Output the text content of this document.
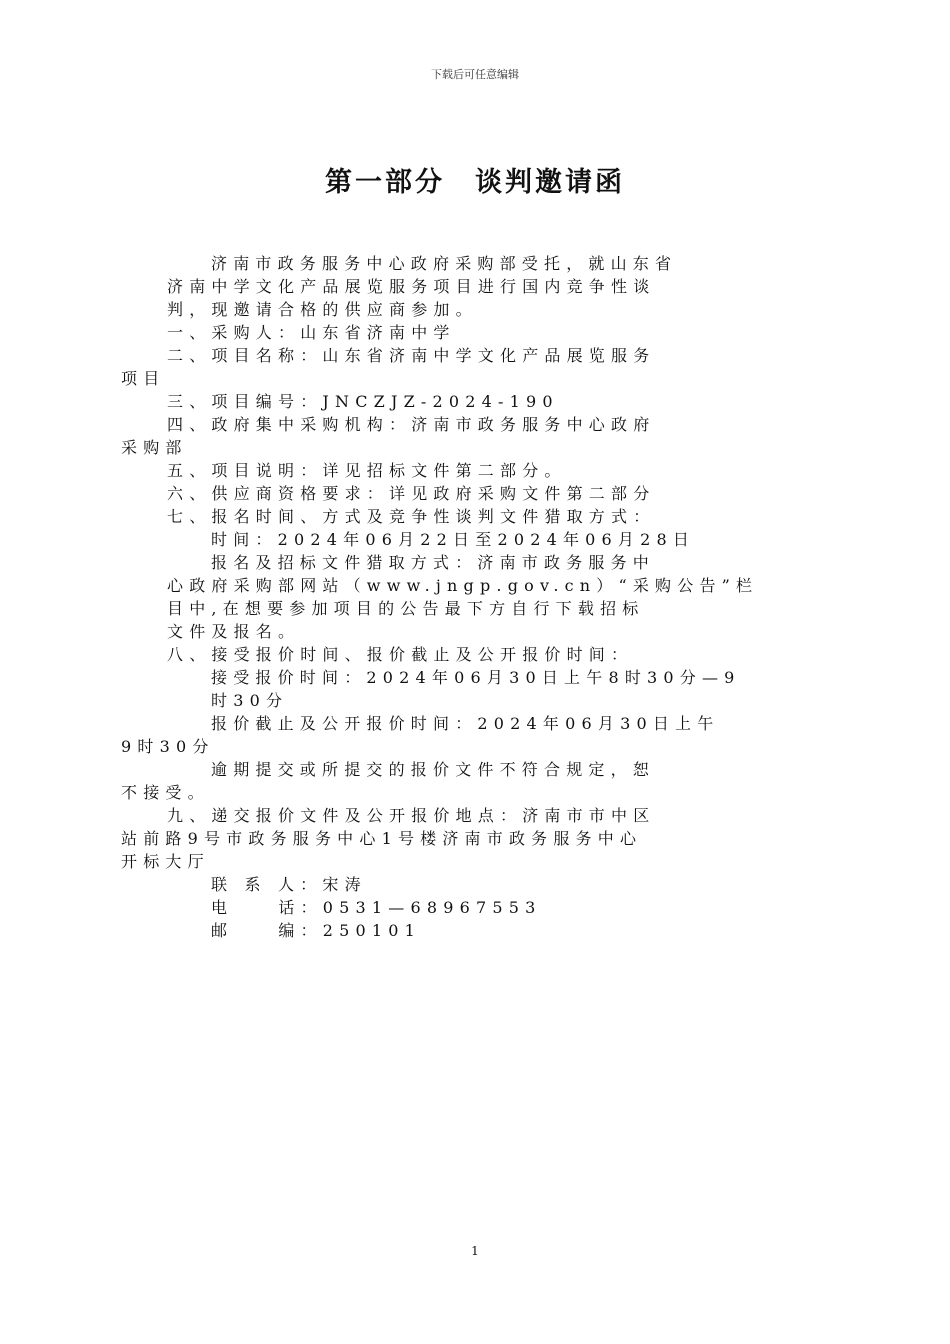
下载后可任意编辑
第一部分 谈判邀请函
济南市政务服务中心政府采购部受托，就山东省
济南中学文化产品展览服务项目进行国内竞争性谈
判，现邀请合格的供应商参加。
一、采购人：山东省济南中学
二、项目名称：山东省济南中学文化产品展览服务
项目
三、项目编号：JNCZJZ-2024-190
四、政府集中采购机构：济南市政务服务中心政府
采购部
五、项目说明：详见招标文件第二部分。
六、供应商资格要求：详见政府采购文件第二部分
七、报名时间、方式及竞争性谈判文件猎取方式：
时间：2024年06月22日至2024年06月28日
报名及招标文件猎取方式：济南市政务服务中
心政府采购部网站（www.jngp.gov.cn）“采购公告”栏
目中,在想要参加项目的公告最下方自行下载招标
文件及报名。
八、接受报价时间、报价截止及公开报价时间：
接受报价时间：2024年06月30日上午8时30分—9
时30分
报价截止及公开报价时间：2024年06月30日上午
9时30分
逾期提交或所提交的报价文件不符合规定，恕
不接受。
九、递交报价文件及公开报价地点：济南市市中区
站前路9号市政务服务中心1号楼济南市政务服务中心
开标大厅
联 系 人：宋涛
电    话：0531—68967553
邮    编：250101
1
